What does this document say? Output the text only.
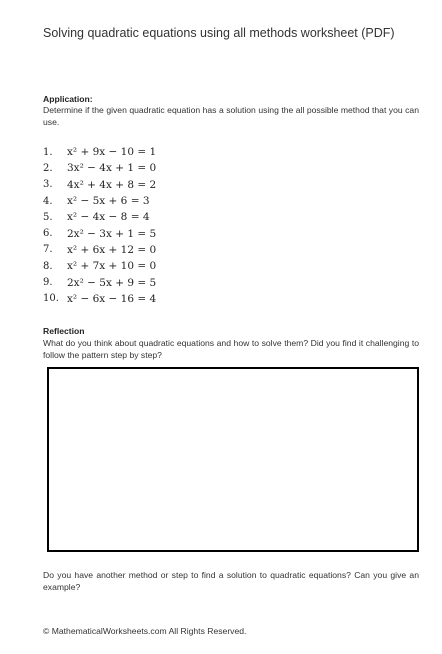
Solving quadratic equations using all methods worksheet (PDF)
Application:
Determine if the given quadratic equation has a solution using the all possible method that you can use.
1.	x² + 9x − 10 = 1
2.	3x² − 4x + 1 = 0
3.	4x² + 4x + 8 = 2
4.	x² − 5x + 6 = 3
5.	x² − 4x − 8 = 4
6.	2x² − 3x + 1 = 5
7.	x² + 6x + 12 = 0
8.	x² + 7x + 10 = 0
9.	2x² − 5x + 9 = 5
10. x² − 6x − 16 = 4
Reflection
What do you think about quadratic equations and how to solve them? Did you find it challenging to follow the pattern step by step?
Do you have another method or step to find a solution to quadratic equations? Can you give an example?
© MathematicalWorksheets.com All Rights Reserved.
